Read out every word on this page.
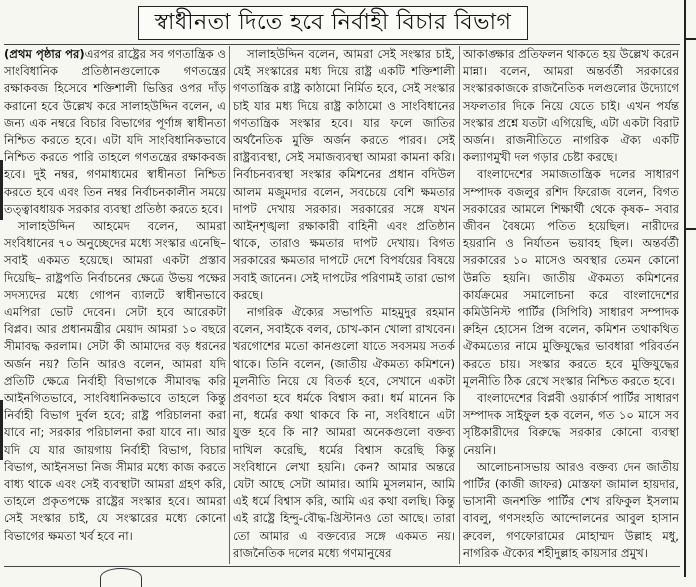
স্বাধীনতা দিতে হবে নির্বাহী বিচার বিভাগ

(প্রথম পৃষ্ঠার পর)এরপর রাষ্ট্রের সব গণতান্ত্রিক ও সাংবিধানিক প্রতিষ্ঠানগুলোকে গণতন্ত্রের রক্ষাকবজ হিসেবে শক্তিশালী ভিত্তির ওপর দাঁড় করানো হবে উল্লেখ করে সালাহউদ্দিন বলেন, এ জন্য এক নম্বরে বিচার বিভাগের পূর্ণাঙ্গ স্বাধীনতা নিশ্চিত করতে হবে। এটা যদি সাংবিধানিকভাবে নিশ্চিত করতে পারি তাহলে গণতন্ত্রের রক্ষাকবজ হবে। দুই নম্বর, গণমাধ্যমের স্বাধীনতা নিশ্চিত করতে হবে এবং তিন নম্বর নির্বাচনকালীন সময়ে তত্ত্বাবধায়ক সরকার ব্যবস্থা প্রতিষ্ঠা করতে হবে।

সালাহউদ্দিন আহমেদ বলেন, আমরা সংবিধানের ৭০ অনুচ্ছেদের মধ্যে সংস্কার এনেছি– সবাই একমত হয়েছে। আমরা একটা প্রস্তাব দিয়েছি– রাষ্ট্রপতি নির্বাচনের ক্ষেত্রে উভয় পক্ষের সদস্যদের মধ্যে গোপন ব্যালটে স্বাধীনভাবে এমপিরা ভোট দেবেন। সেটা হবে আরেকটা বিপ্লব। আর প্রধানমন্ত্রীর মেয়াদ আমরা ১০ বছরে সীমাবদ্ধ করলাম। সেটা কী আমাদের বড় ধরনের অর্জন নয়? তিনি আরও বলেন, আমরা যদি প্রতিটি ক্ষেত্রে নির্বাহী বিভাগকে সীমাবদ্ধ করি আইনগিতভাবে, সাংবিধানিকভাবে তাহলে কিন্তু নির্বাহী বিভাগ দুর্বল হবে; রাষ্ট্র পরিচালনা করা যাবে না; সরকার পরিচালনা করা যাবে না। আর যদি যে যার জায়গায় নির্বাহী বিভাগ, বিচার বিভাগ, আইনসভা নিজ সীমার মধ্যে কাজ করতে বাধ্য থাকে এবং সেই ব্যবস্থাটা আমরা গ্রহণ করি, তাহলে প্রকৃতপক্ষে রাষ্ট্রের সংস্কার হবে। আমরা সেই সংস্কার চাই, যে সংস্কারের মধ্যে কোনো বিভাগের ক্ষমতা খর্ব হবে না।

সালাহউদ্দিন বলেন, আমরা সেই সংস্কার চাই, যেই সংস্কারের মধ্য দিয়ে রাষ্ট্র একটি শক্তিশালী গণতান্ত্রিক রাষ্ট্র কাঠামো নির্মিত হবে, সেই সংস্কার চাই যার মধ্য দিয়ে রাষ্ট্র কাঠামো ও সাংবিধানের গণতান্ত্রিক সংস্কার হবে। যার ফলে জাতির অর্থনৈতিক মুক্তি অর্জন করতে পারব। সেই রাষ্ট্রব্যবস্থা, সেই সমাজব্যবস্থা আমরা কামনা করি। নির্বাচনব্যবস্থা সংস্কার কমিশনের প্রধান বদিউল আলম মজুমদার বলেন, সবচেয়ে বেশি ক্ষমতার দাপট দেখায় সরকার। সরকারের সঙ্গে যখন আইনশৃঙ্খলা রক্ষাকারী বাহিনী এবং প্রতিষ্ঠান থাকে, তারাও ক্ষমতার দাপট দেখায়। বিগত সরকারের ক্ষমতার দাপটে দেশে বিপর্যয়ের বিষয়ে সবাই জানেন। সেই দাপটের পরিণামই তারা ভোগ করছে।

নাগরিক ঐক্যের সভাপতি মাহমুদুর রহমান বলেন, সবাইকে বলব, চোখ-কান খোলা রাখবেন। খরগোশের মতো কানগুলো যাতে সবসময় সতর্ক থাকে। তিনি বলেন, (জাতীয় ঐকমত্য কমিশনে) মূলনীতি নিয়ে যে বিতর্ক হবে, সেখানে একটা প্রবণতা হবে ধর্মকে বিশ্বাস করা। ধর্ম মানেন কি না, ধর্মের কথা থাকবে কি না, সংবিধানে এটা যুক্ত হবে কি না? আমরা অনেকগুলো বক্তব্য দাখিল করেছি, ধর্মের বিশ্বাস করেছি কিন্তু সংবিধানে লেখা হয়নি। কেন? আমার অন্তরে যেটা আছে সেটা আমার। আমি মুসলমান, আমি এই ধর্মে বিশ্বাস করি, আমি এর কথা বলছি। কিন্তু এই রাষ্ট্রে হিন্দু-বৌদ্ধ-খ্রিস্টানও তো আছে। তারা তো আমার এ বক্তব্যের সঙ্গে একমত নয়। রাজনৈতিক দলের মধ্যে গণমানুষের

আকাঙ্ক্ষার প্রতিফলন থাকতে হয় উল্লেখ করেন মান্না। বলেন, আমরা অন্তর্বর্তী সরকারের সংস্কারকাজকে রাজনৈতিক দলগুলোর উদ্যোগে সফলতার দিকে নিয়ে যেতে চাই। এখন পর্যন্ত সংস্কার প্রশ্নে যতটা এগিয়েছি, এটা একটা বিরাট অর্জন। রাজনীতিতে নাগরিক ঐক্য একটি কল্যাণমুখী দল গড়ার চেষ্টা করছে।

বাংলাদেশের সমাজতান্ত্রিক দলের সাধারণ সম্পাদক বজলুর রশিদ ফিরোজ বলেন, বিগত সরকারের আমলে শিক্ষার্থী থেকে কৃষক– সবার জীবন বৈষম্যে পতিত হয়েছিল। নারীদের হয়রানি ও নির্যাতন ভয়াবহ ছিল। অন্তর্বর্তী সরকারের ১০ মাসেও অবস্থার তেমন কোনো উন্নতি হয়নি। জাতীয় ঐকমত্য কমিশনের কার্যক্রমের সমালোচনা করে বাংলাদেশের কমিউনিস্ট পার্টির (সিপিবি) সাধারণ সম্পাদক রুহিন হোসেন প্রিন্স বলেন, কমিশন তথাকথিত ঐকমত্যের নামে মুক্তিযুদ্ধের ভাবধারা পরিবর্তন করতে চায়। সংস্কার করতে হবে মুক্তিযুদ্ধের মূলনীতি ঠিক রেখে সংস্কার নিশ্চিত করতে হবে।

বাংলাদেশের বিপ্লবী ওয়ার্কার্স পার্টির সাধারণ সম্পাদক সাইফুল হক বলেন, গত ১০ মাসে সব সৃষ্টিকারীদের বিরুদ্ধে সরকার কোনো ব্যবস্থা নেয়নি।

আলোচনাসভায় আরও বক্তব্য দেন জাতীয় পার্টির (কাজী জাফর) মোস্তফা জামাল হায়দার, ভাসানী জনশক্তি পার্টির শেখ রফিকুল ইসলাম বাবলু, গণসংহতি আন্দোলনের আবুল হাসান রুবেল, গণফোরামের মোহাম্মদ উল্লাহ মধু, নাগরিক ঐক্যের শহীদুল্লাহ কায়সার প্রমুখ।
